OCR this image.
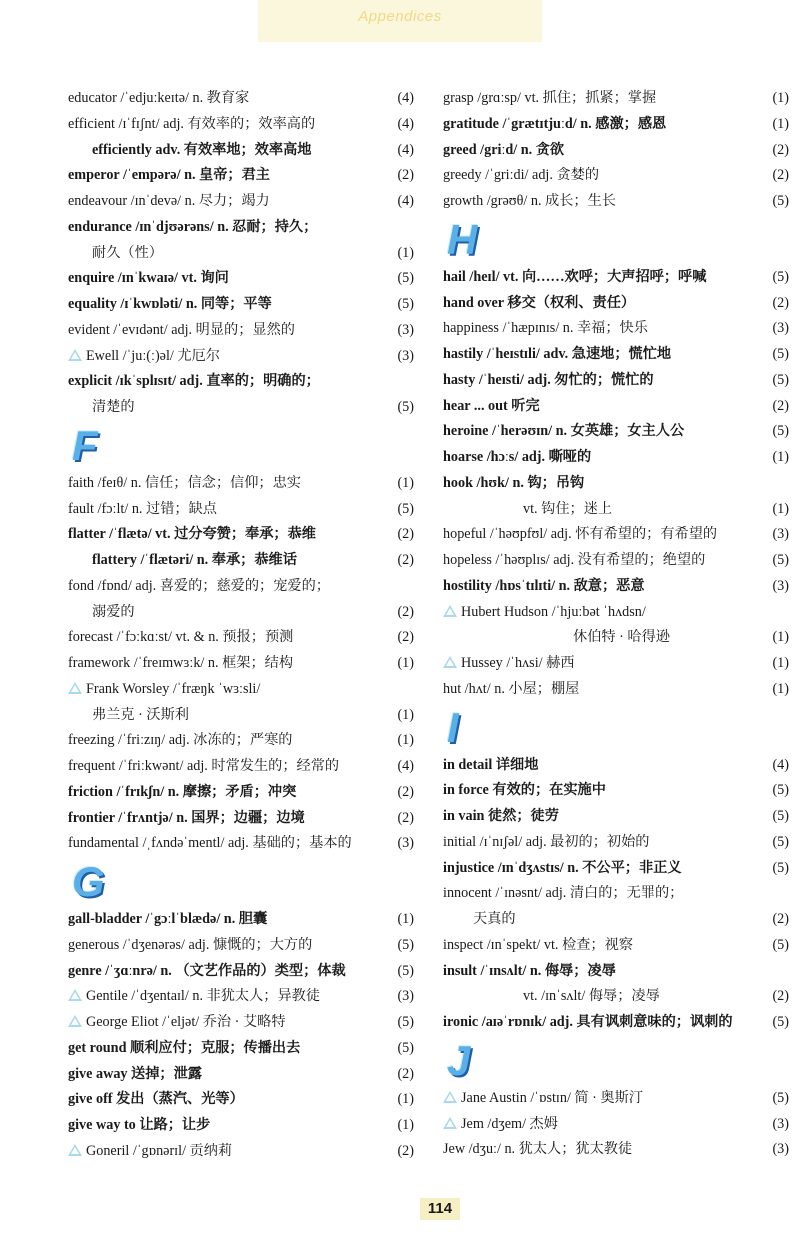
Appendices
educator /ˈedjuːkeɪtə/ n. 教育家	(4)
efficient /ɪˈfɪʃnt/ adj. 有效率的；效率高的	(4)
efficiently adv. 有效率地；效率高地	(4)
emperor /ˈempərə/ n. 皇帝；君主	(2)
endeavour /ɪnˈdevə/ n. 尽力；竭力	(4)
endurance /ɪnˈdjʊərəns/ n. 忍耐；持久；
耐久（性）	(1)
enquire /ɪnˈkwaɪə/ vt. 询问	(5)
equality /ɪˈkwɒləti/ n. 同等；平等	(5)
evident /ˈevɪdənt/ adj. 明显的；显然的	(3)
Ewell /ˈjuː(ː)əl/ 尤厄尔	(3)
explicit /ɪkˈsplɪsɪt/ adj. 直率的；明确的；
清楚的	(5)
F
faith /feɪθ/ n. 信任；信念；信仰；忠实	(1)
fault /fɔːlt/ n. 过错；缺点	(5)
flatter /ˈflætə/ vt. 过分夸赞；奉承；恭维	(2)
flattery /ˈflætəri/ n. 奉承；恭维话	(2)
fond /fɒnd/ adj. 喜爱的；慈爱的；宠爱的；
溺爱的	(2)
forecast /ˈfɔːkɑːst/ vt. & n. 预报；预测	(2)
framework /ˈfreɪmwɜːk/ n. 框架；结构	(1)
Frank Worsley /ˈfræŋk ˈwɜːsli/
弗兰克 · 沃斯利	(1)
freezing /ˈfriːzɪŋ/ adj. 冰冻的；严寒的	(1)
frequent /ˈfriːkwənt/ adj. 时常发生的；经常的	(4)
friction /ˈfrɪkʃn/ n. 摩擦；矛盾；冲突	(2)
frontier /ˈfrʌntjə/ n. 国界；边疆；边境	(2)
fundamental /ˌfʌndəˈmentl/ adj. 基础的；基本的	(3)
G
gall-bladder /ˈgɔːlˈblædə/ n. 胆囊	(1)
generous /ˈdʒenərəs/ adj. 慷慨的；大方的	(5)
genre /ˈʒɑːnrə/ n. （文艺作品的）类型；体裁	(5)
Gentile /ˈdʒentaɪl/ n. 非犹太人；异教徒	(3)
George Eliot /ˈeljət/ 乔治 · 艾略特	(5)
get round 顺利应付；克服；传播出去	(5)
give away 送掉；泄露	(2)
give off 发出（蒸汽、光等）	(1)
give way to 让路；让步	(1)
Goneril /ˈgɒnərɪl/ 贡纳莉	(2)
grasp /grɑːsp/ vt. 抓住；抓紧；掌握	(1)
gratitude /ˈgrætɪtjuːd/ n. 感激；感恩	(1)
greed /griːd/ n. 贪欲	(2)
greedy /ˈgriːdi/ adj. 贪婪的	(2)
growth /grəʊθ/ n. 成长；生长	(5)
H
hail /heɪl/ vt. 向……欢呼；大声招呼；呼喊	(5)
hand over 移交（权利、责任）	(2)
happiness /ˈhæpɪnɪs/ n. 幸福；快乐	(3)
hastily /ˈheɪstɪli/ adv. 急速地；慌忙地	(5)
hasty /ˈheɪsti/ adj. 匆忙的；慌忙的	(5)
hear ... out 听完	(2)
heroine /ˈherəʊɪn/ n. 女英雄；女主人公	(5)
hoarse /hɔːs/ adj. 嘶哑的	(1)
hook /hʊk/ n. 钩；吊钩
vt. 钩住；迷上	(1)
hopeful /ˈhəʊpfʊl/ adj. 怀有希望的；有希望的	(3)
hopeless /ˈhəʊplɪs/ adj. 没有希望的；绝望的	(5)
hostility /hɒsˈtɪlɪti/ n. 敌意；恶意	(3)
Hubert Hudson /ˈhjuːbət ˈhʌdsn/
休伯特 · 哈得逊	(1)
Hussey /ˈhʌsi/ 赫西	(1)
hut /hʌt/ n. 小屋；棚屋	(1)
I
in detail 详细地	(4)
in force 有效的；在实施中	(5)
in vain 徒然；徒劳	(5)
initial /ɪˈnɪʃəl/ adj. 最初的；初始的	(5)
injustice /ɪnˈdʒʌstɪs/ n. 不公平；非正义	(5)
innocent /ˈɪnəsnt/ adj. 清白的；无罪的；
天真的	(2)
inspect /ɪnˈspekt/ vt. 检查；视察	(5)
insult /ˈɪnsʌlt/ n. 侮辱；凌辱
vt. /ɪnˈsʌlt/ 侮辱；凌辱	(2)
ironic /aɪəˈrɒnɪk/ adj. 具有讽刺意味的；讽刺的	(5)
J
Jane Austin /ˈɒstɪn/ 简 · 奥斯汀	(5)
Jem /dʒem/ 杰姆	(3)
Jew /dʒuː/ n. 犹太人；犹太教徒	(3)
114
